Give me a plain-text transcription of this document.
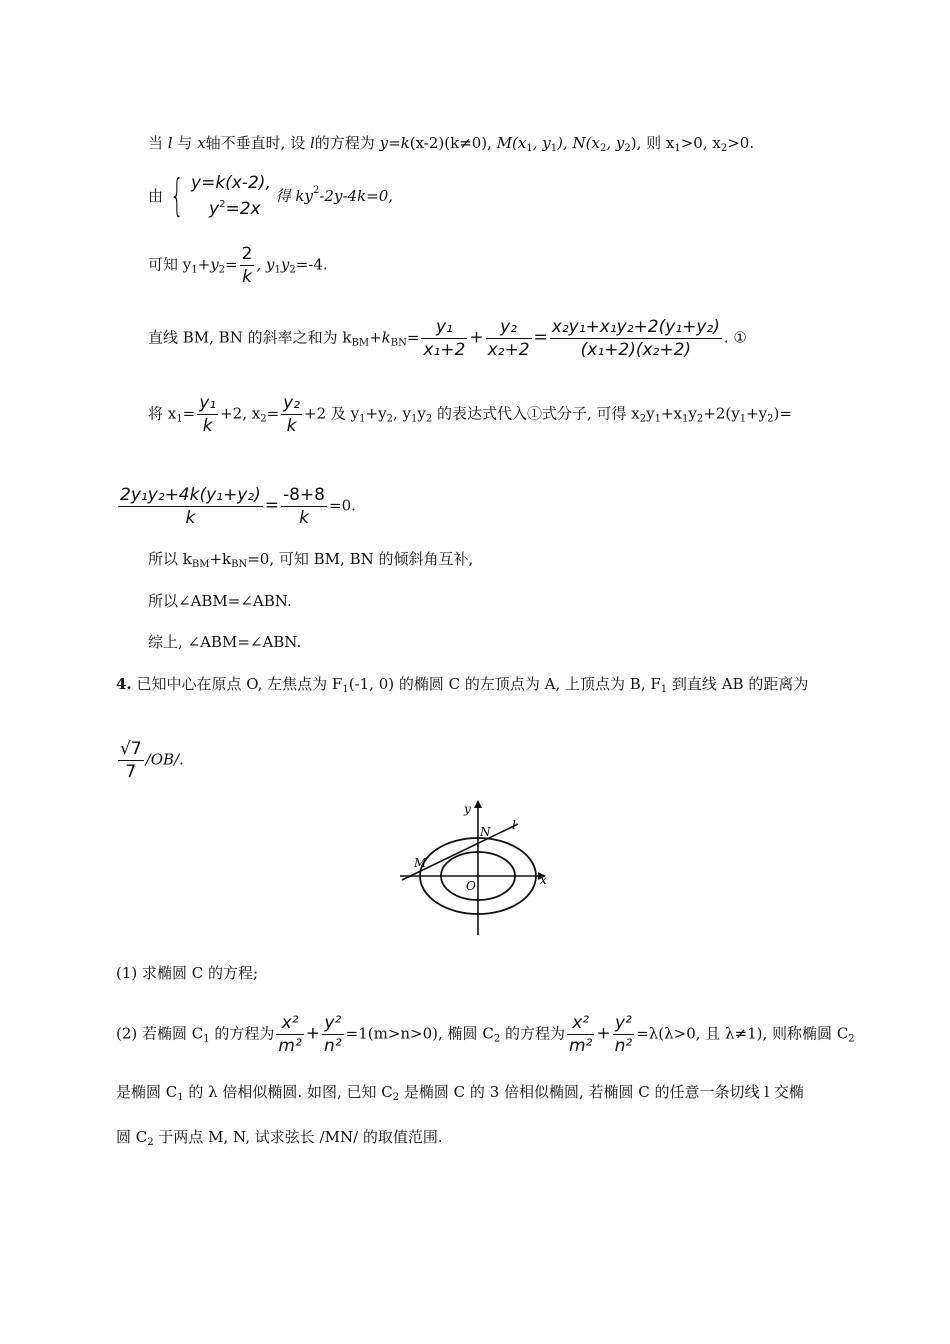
当 l 与 x轴不垂直时, 设 l的方程为 y=k(x-2)(k≠0), $M(x_1$, $y_1$), $N(x_2$, $y_2$), 则 $x_1>0$, $x_2>0$.
由 { y=k(x-2),
$y^2=2x$
得 $ky^2-2y-4k=0$,
可知 $y_1+y_2= \frac{2}{k}$ , $y_1y_2=-4$.
直线 BM, BN 的斜率之和为 $k_{BM}+k_{BN}= \frac{\text{y₁}}{\text{x₁+2}} + \frac{\text{y₂}}{\text{x₂+2}} = \frac{\text{x₂y₁+x₁y₂+2(y₁+y₂)}}{\text{(x₁+2)(x₂+2)}}$ . ①
将 $x_1= \frac{\text{y₁}}{k} +2$, $x_2= \frac{\text{y₂}}{k} +2$ 及 $y_1+y_2$, $y_1y_2$ 的表达式代入①式分子, 可得 $x_2y_1+x_1y_2+2(y_1+y_2)=$
$\frac{\text{2y₁y₂+4k(y₁+y₂)}}{k} = \frac{-8+8}{k} =0$.
所以 $k_{BM}+k_{BN}=0$, 可知 BM, BN 的倾斜角互补,
所以∠ABM=∠ABN.
综上, ∠ABM=∠ABN.
4. 已知中心在原点 O, 左焦点为 $F_1(-1$, 0) 的椭圆 C 的左顶点为 A, 上顶点为 B, $F_1$ 到直线 AB 的距离为
$\frac{√7}{7} /OB/$.
y
x
O
N
M
l
(1) 求椭圆 C 的方程;
(2) 若椭圆 $C_1$ 的方程为 $\frac{\text{x²}}{\text{m²}} + \frac{\text{y²}}{\text{n²}} =1(m>n>0)$, 椭圆 $C_2$ 的方程为 $\frac{\text{x²}}{\text{m²}} + \frac{\text{y²}}{\text{n²}} =\lambda(\lambda>0$, 且 λ≠1), 则称椭圆 $C_2$
是椭圆 $C_1$ 的 λ 倍相似椭圆. 如图, 已知 $C_2$ 是椭圆 C 的 3 倍相似椭圆, 若椭圆 C 的任意一条切线 l 交椭
圆 $C_2$ 于两点 M, N, 试求弦长 /MN/ 的取值范围.
